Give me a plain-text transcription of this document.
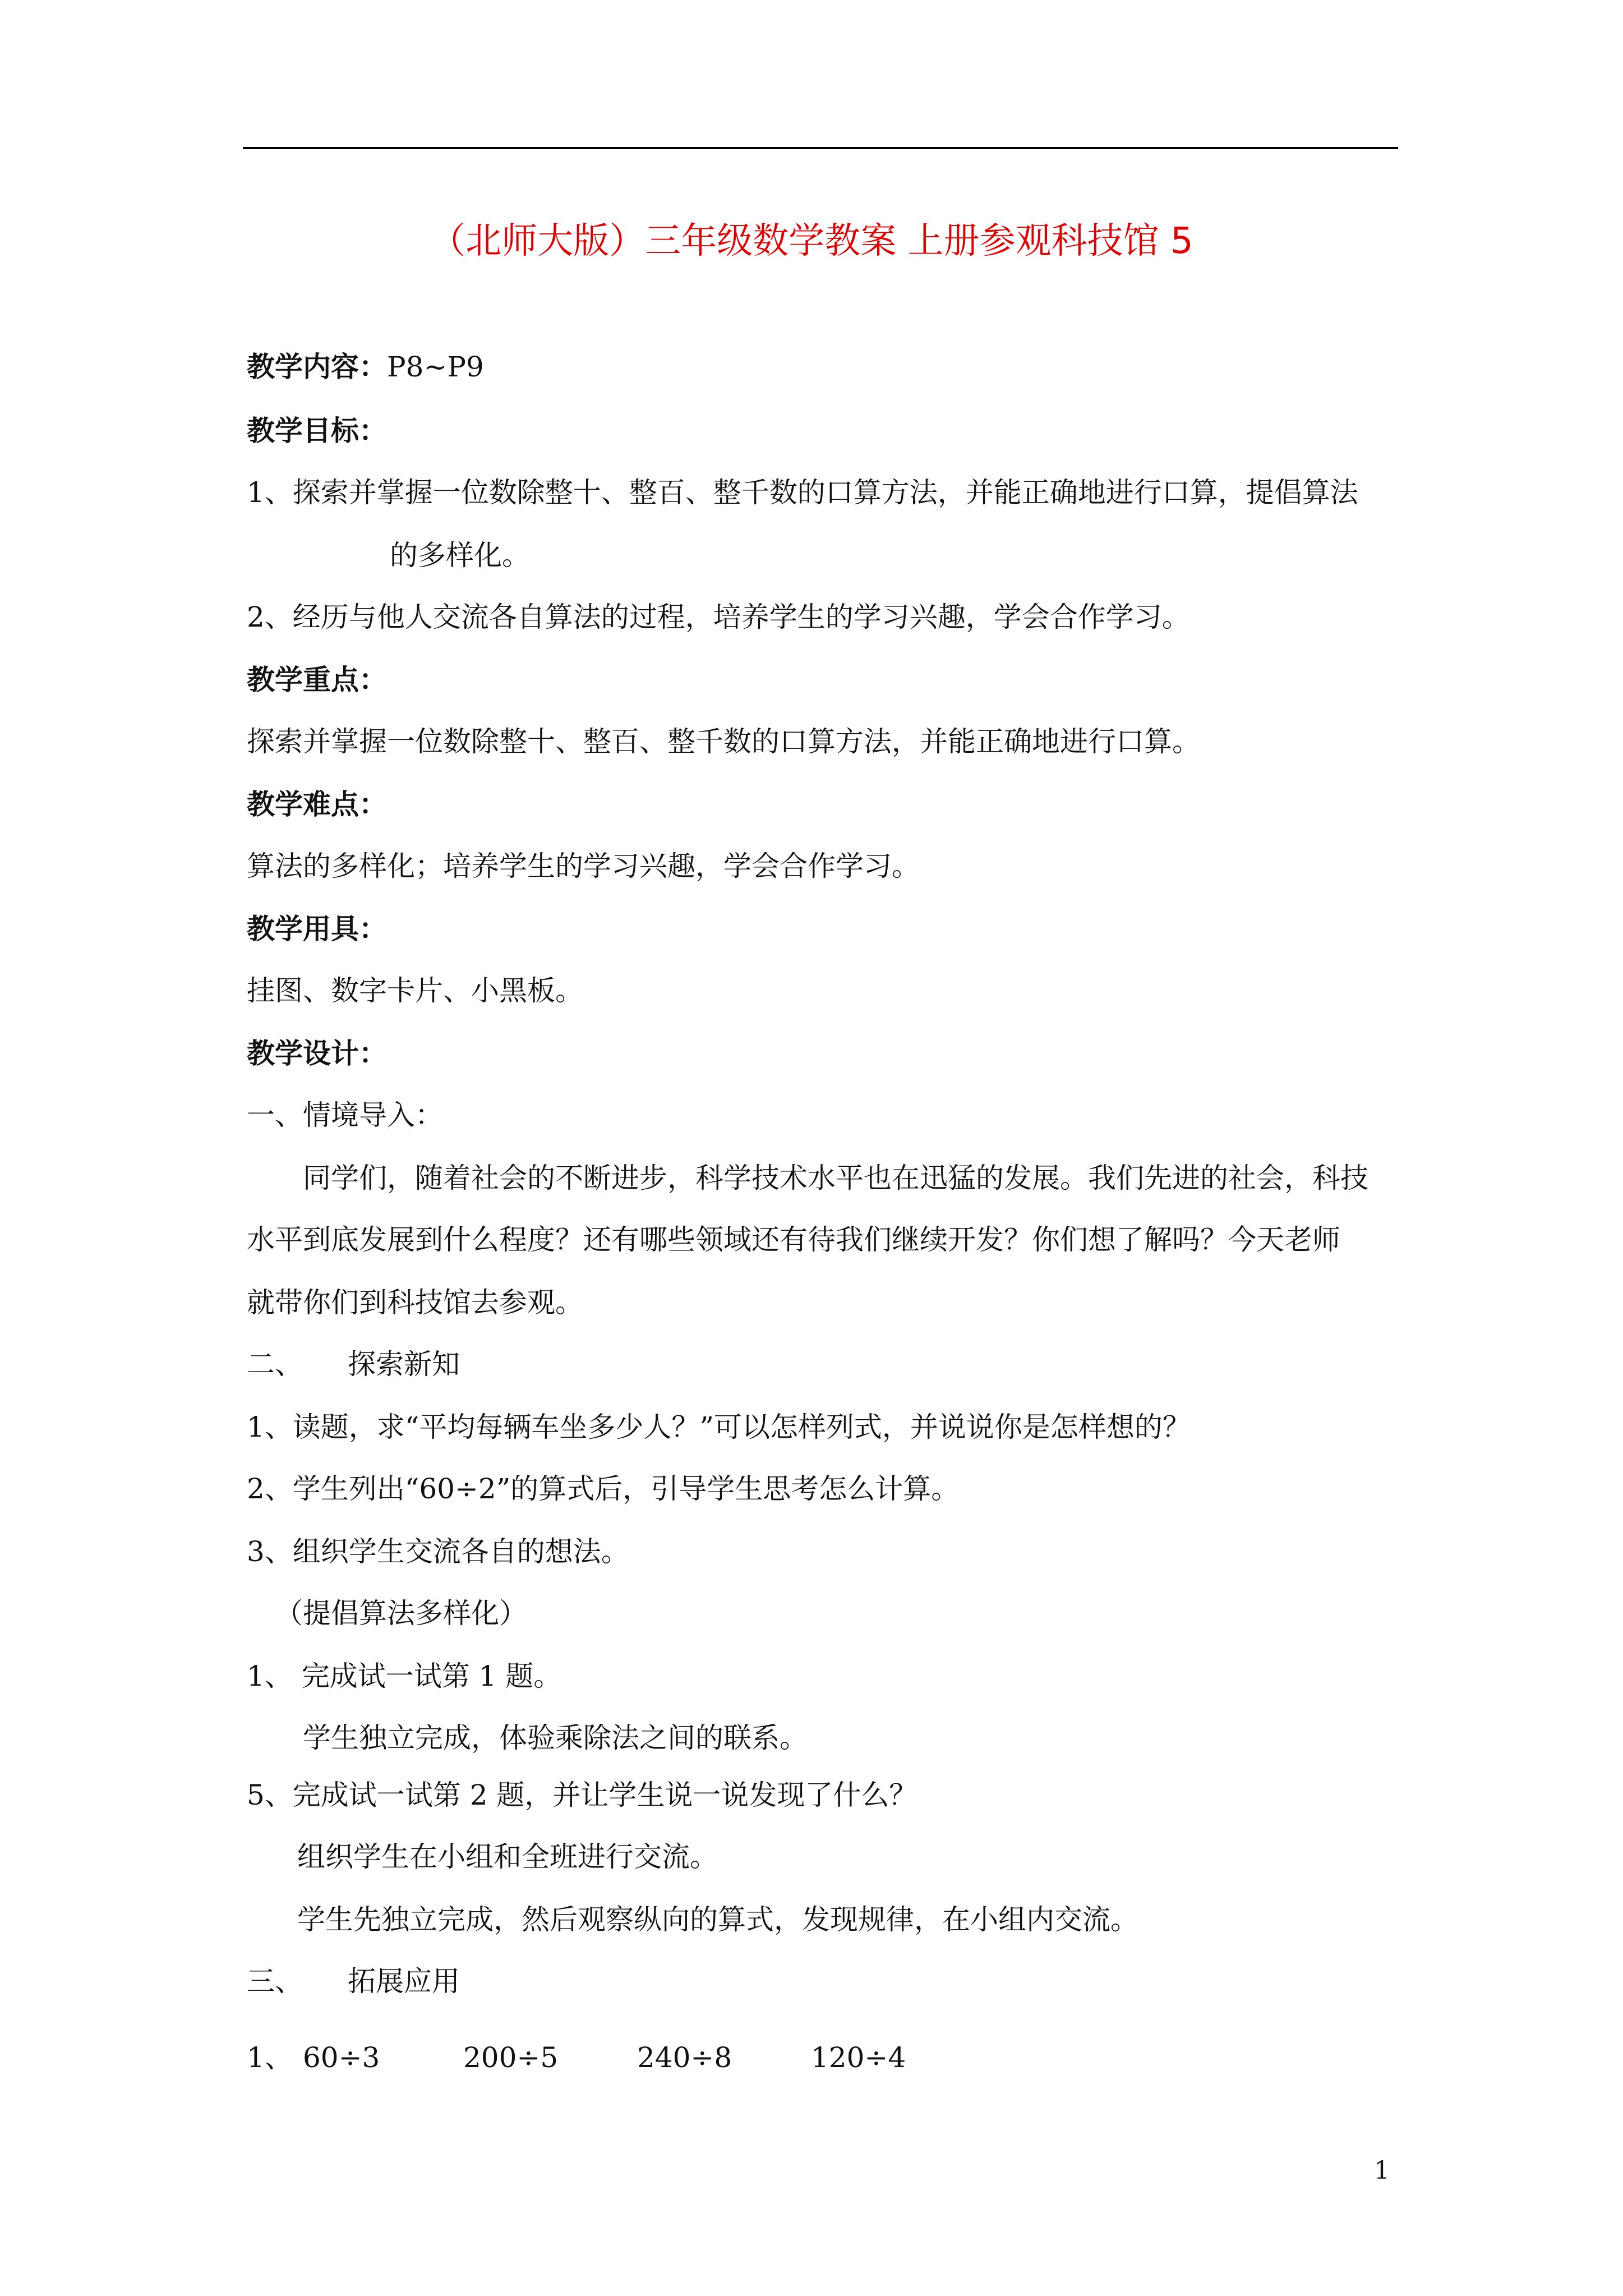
（北师大版）三年级数学教案 上册参观科技馆 5
教学内容：P8~P9
教学目标：
1、探索并掌握一位数除整十、整百、整千数的口算方法，并能正确地进行口算，提倡算法
的多样化。
2、经历与他人交流各自算法的过程，培养学生的学习兴趣，学会合作学习。
教学重点：
探索并掌握一位数除整十、整百、整千数的口算方法，并能正确地进行口算。
教学难点：
算法的多样化；培养学生的学习兴趣，学会合作学习。
教学用具：
挂图、数字卡片、小黑板。
教学设计：
一、情境导入：
同学们，随着社会的不断进步，科学技术水平也在迅猛的发展。我们先进的社会，科技
水平到底发展到什么程度？还有哪些领域还有待我们继续开发？你们想了解吗？今天老师
就带你们到科技馆去参观。
二、 探索新知
1、读题，求“平均每辆车坐多少人？”可以怎样列式，并说说你是怎样想的？
2、学生列出“60÷2”的算式后，引导学生思考怎么计算。
3、组织学生交流各自的想法。
（提倡算法多样化）
1、 完成试一试第 1 题。
学生独立完成，体验乘除法之间的联系。
5、完成试一试第 2 题，并让学生说一说发现了什么？
组织学生在小组和全班进行交流。
学生先独立完成，然后观察纵向的算式，发现规律，在小组内交流。
三、 拓展应用
1、 60÷3	200÷5	240÷8	120÷4
1
